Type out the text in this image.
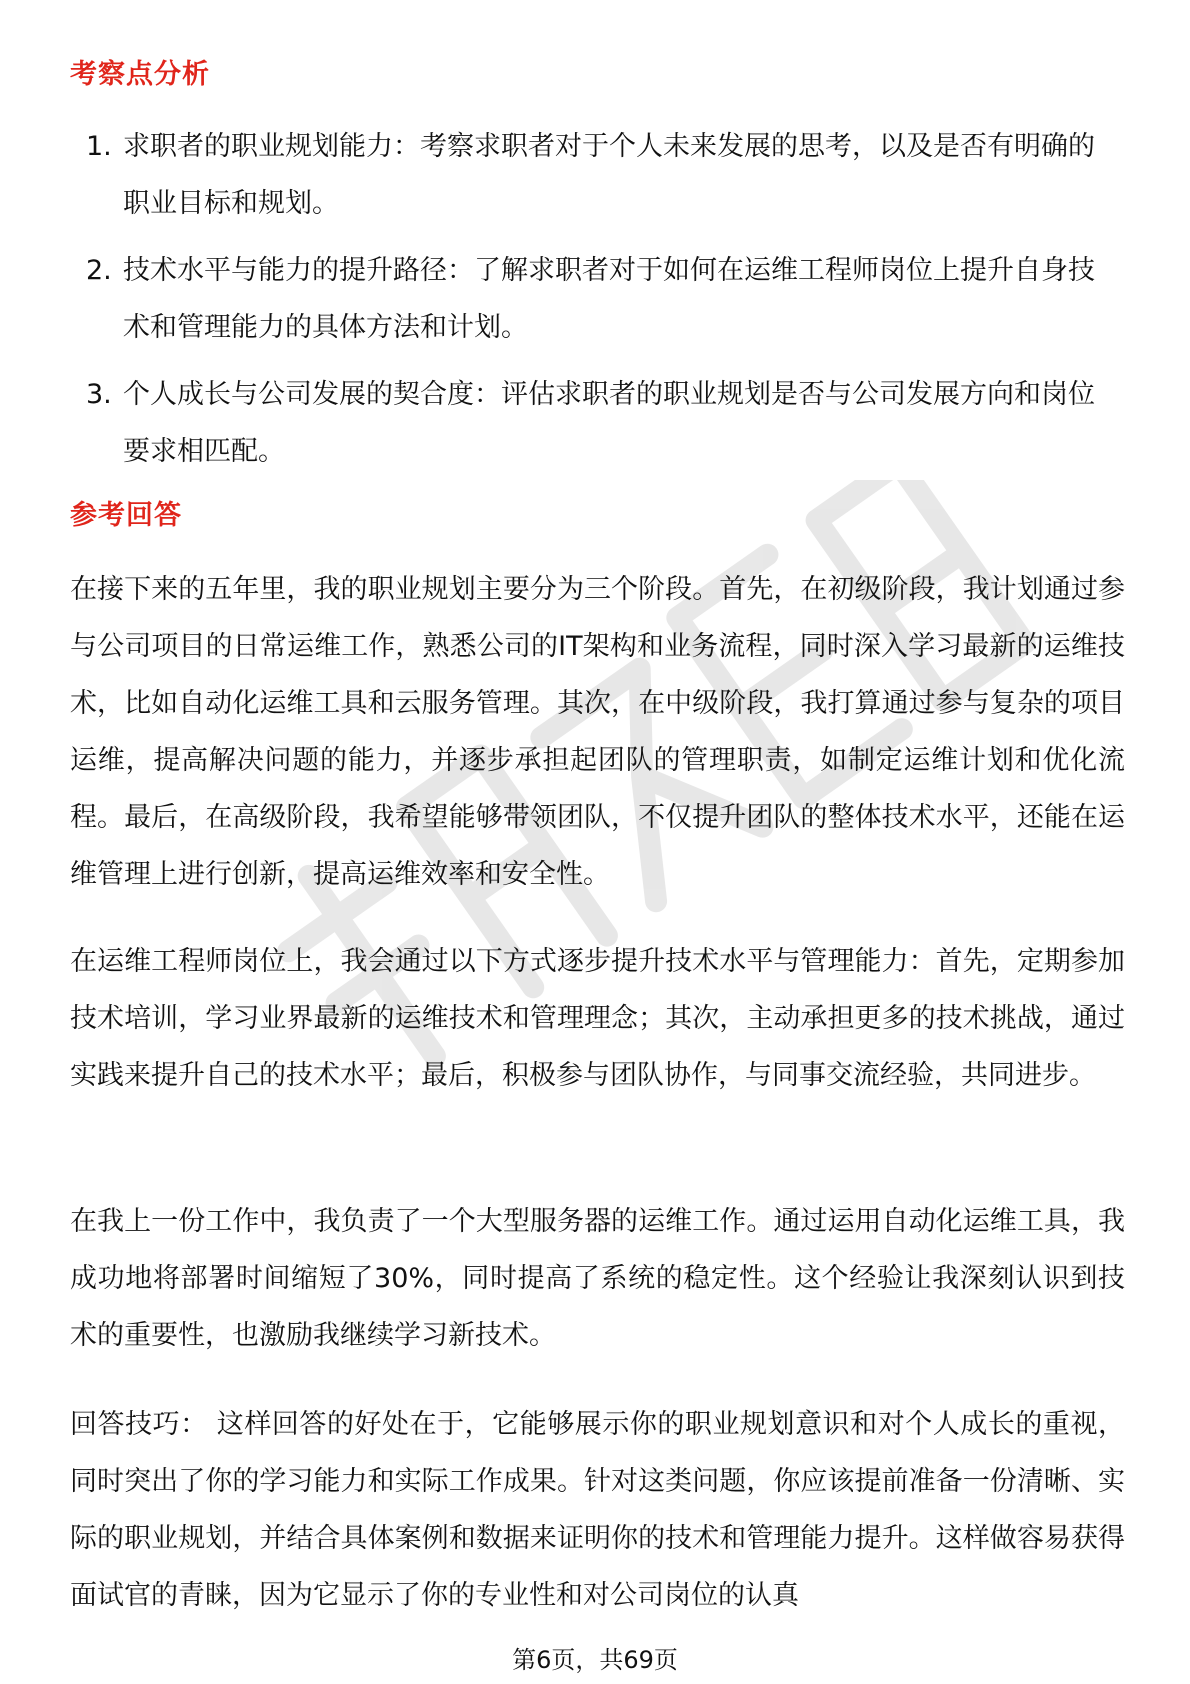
考察点分析
1. 求职者的职业规划能力：考察求职者对于个人未来发展的思考，以及是否有明确的职业目标和规划。
2. 技术水平与能力的提升路径：了解求职者对于如何在运维工程师岗位上提升自身技术和管理能力的具体方法和计划。
3. 个人成长与公司发展的契合度：评估求职者的职业规划是否与公司发展方向和岗位要求相匹配。
参考回答

在接下来的五年里，我的职业规划主要分为三个阶段。首先，在初级阶段，我计划通过参与公司项目的日常运维工作，熟悉公司的IT架构和业务流程，同时深入学习最新的运维技术，比如自动化运维工具和云服务管理。其次，在中级阶段，我打算通过参与复杂的项目运维，提高解决问题的能力，并逐步承担起团队的管理职责，如制定运维计划和优化流程。最后，在高级阶段，我希望能够带领团队，不仅提升团队的整体技术水平，还能在运维管理上进行创新，提高运维效率和安全性。

在运维工程师岗位上，我会通过以下方式逐步提升技术水平与管理能力：首先，定期参加技术培训，学习业界最新的运维技术和管理理念；其次，主动承担更多的技术挑战，通过实践来提升自己的技术水平；最后，积极参与团队协作，与同事交流经验，共同进步。

在我上一份工作中，我负责了一个大型服务器的运维工作。通过运用自动化运维工具，我成功地将部署时间缩短了30%，同时提高了系统的稳定性。这个经验让我深刻认识到技术的重要性，也激励我继续学习新技术。

回答技巧： 这样回答的好处在于，它能够展示你的职业规划意识和对个人成长的重视，同时突出了你的学习能力和实际工作成果。针对这类问题，你应该提前准备一份清晰、实际的职业规划，并结合具体案例和数据来证明你的技术和管理能力提升。这样做容易获得面试官的青睐，因为它显示了你的专业性和对公司岗位的认真

第6页，共69页
